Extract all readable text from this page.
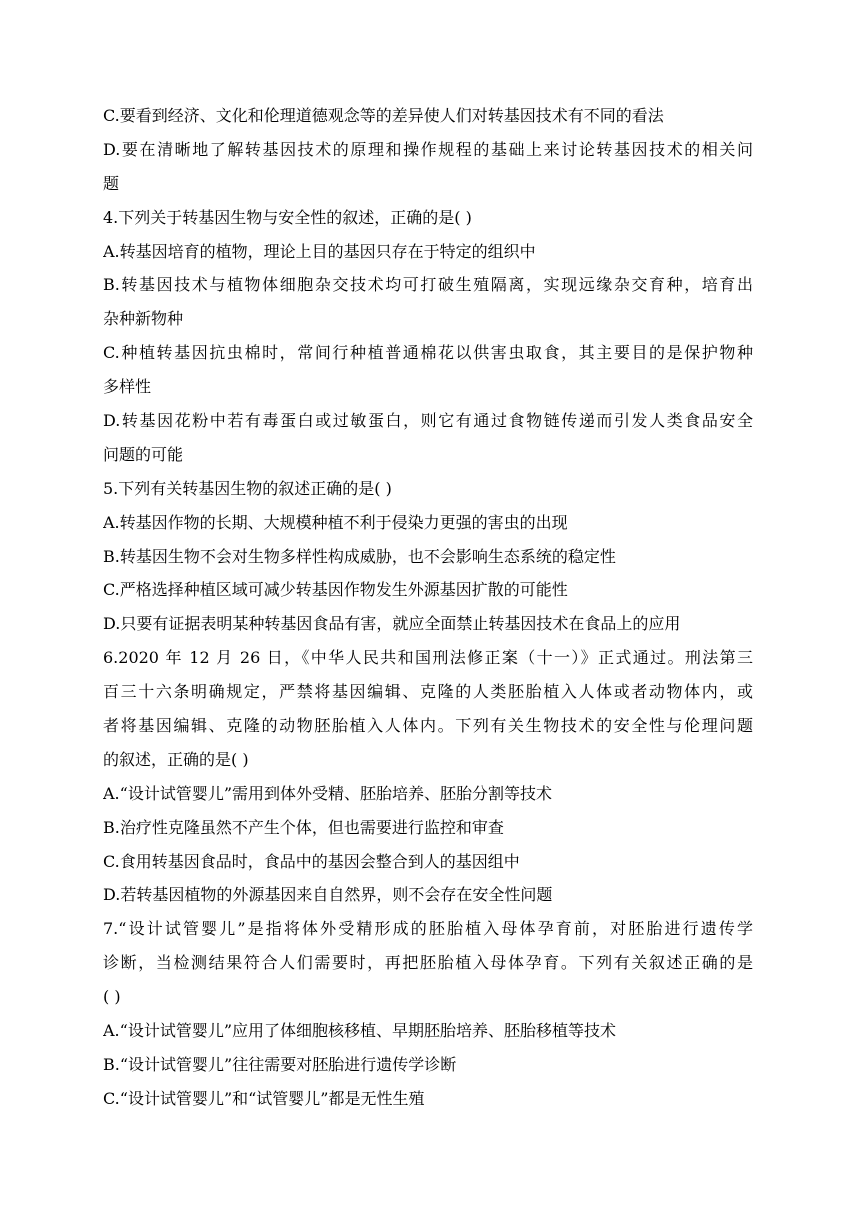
C.要看到经济、文化和伦理道德观念等的差异使人们对转基因技术有不同的看法
D.要在清晰地了解转基因技术的原理和操作规程的基础上来讨论转基因技术的相关问
题
4.下列关于转基因生物与安全性的叙述，正确的是( )
A.转基因培育的植物，理论上目的基因只存在于特定的组织中
B.转基因技术与植物体细胞杂交技术均可打破生殖隔离，实现远缘杂交育种，培育出
杂种新物种
C.种植转基因抗虫棉时，常间行种植普通棉花以供害虫取食，其主要目的是保护物种
多样性
D.转基因花粉中若有毒蛋白或过敏蛋白，则它有通过食物链传递而引发人类食品安全
问题的可能
5.下列有关转基因生物的叙述正确的是( )
A.转基因作物的长期、大规模种植不利于侵染力更强的害虫的出现
B.转基因生物不会对生物多样性构成威胁，也不会影响生态系统的稳定性
C.严格选择种植区域可减少转基因作物发生外源基因扩散的可能性
D.只要有证据表明某种转基因食品有害，就应全面禁止转基因技术在食品上的应用
6.2020 年 12 月 26 日，《中华人民共和国刑法修正案（十一）》正式通过。刑法第三
百三十六条明确规定，严禁将基因编辑、克隆的人类胚胎植入人体或者动物体内，或
者将基因编辑、克隆的动物胚胎植入人体内。下列有关生物技术的安全性与伦理问题
的叙述，正确的是( )
A.“设计试管婴儿”需用到体外受精、胚胎培养、胚胎分割等技术
B.治疗性克隆虽然不产生个体，但也需要进行监控和审查
C.食用转基因食品时，食品中的基因会整合到人的基因组中
D.若转基因植物的外源基因来自自然界，则不会存在安全性问题
7.“设计试管婴儿”是指将体外受精形成的胚胎植入母体孕育前，对胚胎进行遗传学
诊断，当检测结果符合人们需要时，再把胚胎植入母体孕育。下列有关叙述正确的是
( )
A.“设计试管婴儿”应用了体细胞核移植、早期胚胎培养、胚胎移植等技术
B.“设计试管婴儿”往往需要对胚胎进行遗传学诊断
C.“设计试管婴儿”和“试管婴儿”都是无性生殖
